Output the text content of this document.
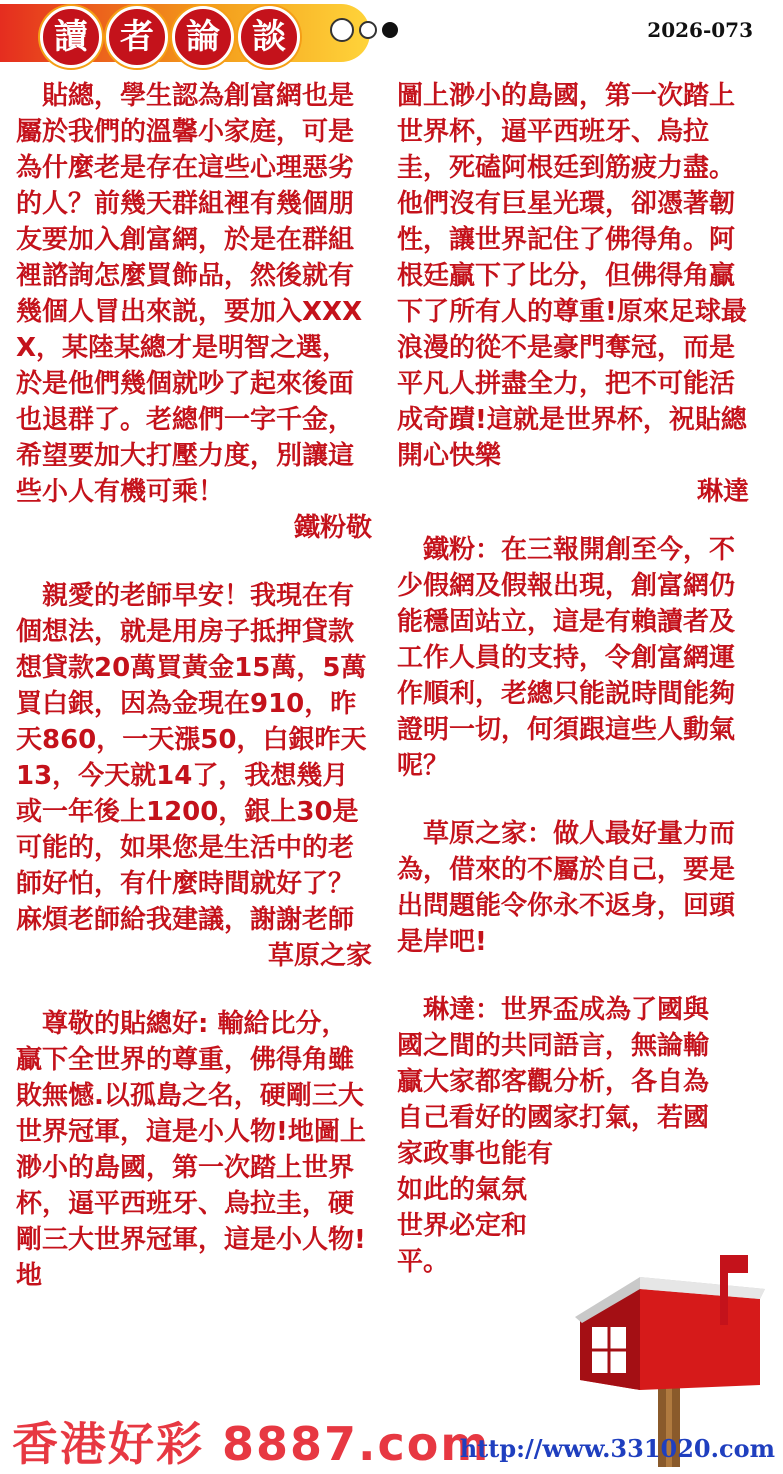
讀 者 論 談	2026-073

貼總，學生認為創富網也是屬於我們的溫馨小家庭，可是為什麼老是存在這些心理惡劣的人？前幾天群組裡有幾個朋友要加入創富網，於是在群組裡諮詢怎麼買飾品，然後就有幾個人冒出來説，要加入XXXX，某陸某總才是明智之選，於是他們幾個就吵了起來後面也退群了。老總們一字千金，希望要加大打壓力度，別讓這些小人有機可乘！

鐵粉敬

親愛的老師早安！我現在有個想法，就是用房子抵押貸款想貸款20萬買黃金15萬，5萬買白銀，因為金現在910，昨天860，一天漲50，白銀昨天13，今天就14了，我想幾月或一年後上1200，銀上30是可能的，如果您是生活中的老師好怕，有什麼時間就好了？麻煩老師給我建議，謝謝老師

草原之家

尊敬的貼總好: 輸給比分，贏下全世界的尊重，佛得角雖敗無憾.以孤島之名，硬剛三大世界冠軍，這是小人物!地圖上渺小的島國，第一次踏上世界杯，逼平西班牙、烏拉圭，硬剛三大世界冠軍，這是小人物!地

圖上渺小的島國，第一次踏上世界杯，逼平西班牙、烏拉圭，死磕阿根廷到筋疲力盡。他們沒有巨星光環，卻憑著韌性，讓世界記住了佛得角。阿根廷贏下了比分，但佛得角贏下了所有人的尊重!原來足球最浪漫的從不是豪門奪冠，而是平凡人拼盡全力，把不可能活成奇蹟!這就是世界杯，祝貼總開心快樂

琳達

鐵粉：在三報開創至今，不少假網及假報出現，創富網仍能穩固站立，這是有賴讀者及工作人員的支持，令創富網運作順利，老總只能説時間能夠證明一切，何須跟這些人動氣呢？

草原之家：做人最好量力而為，借來的不屬於自己，要是出問題能令你永不返身，回頭是岸吧!

琳達：世界盃成為了國與
國之間的共同語言，無論輸
贏大家都客觀分析，各自為
自己看好的國家打氣，若國
家政事也能有
如此的氣氛
世界必定和
平。
香港好彩 8887.com
http://www.331020.com
